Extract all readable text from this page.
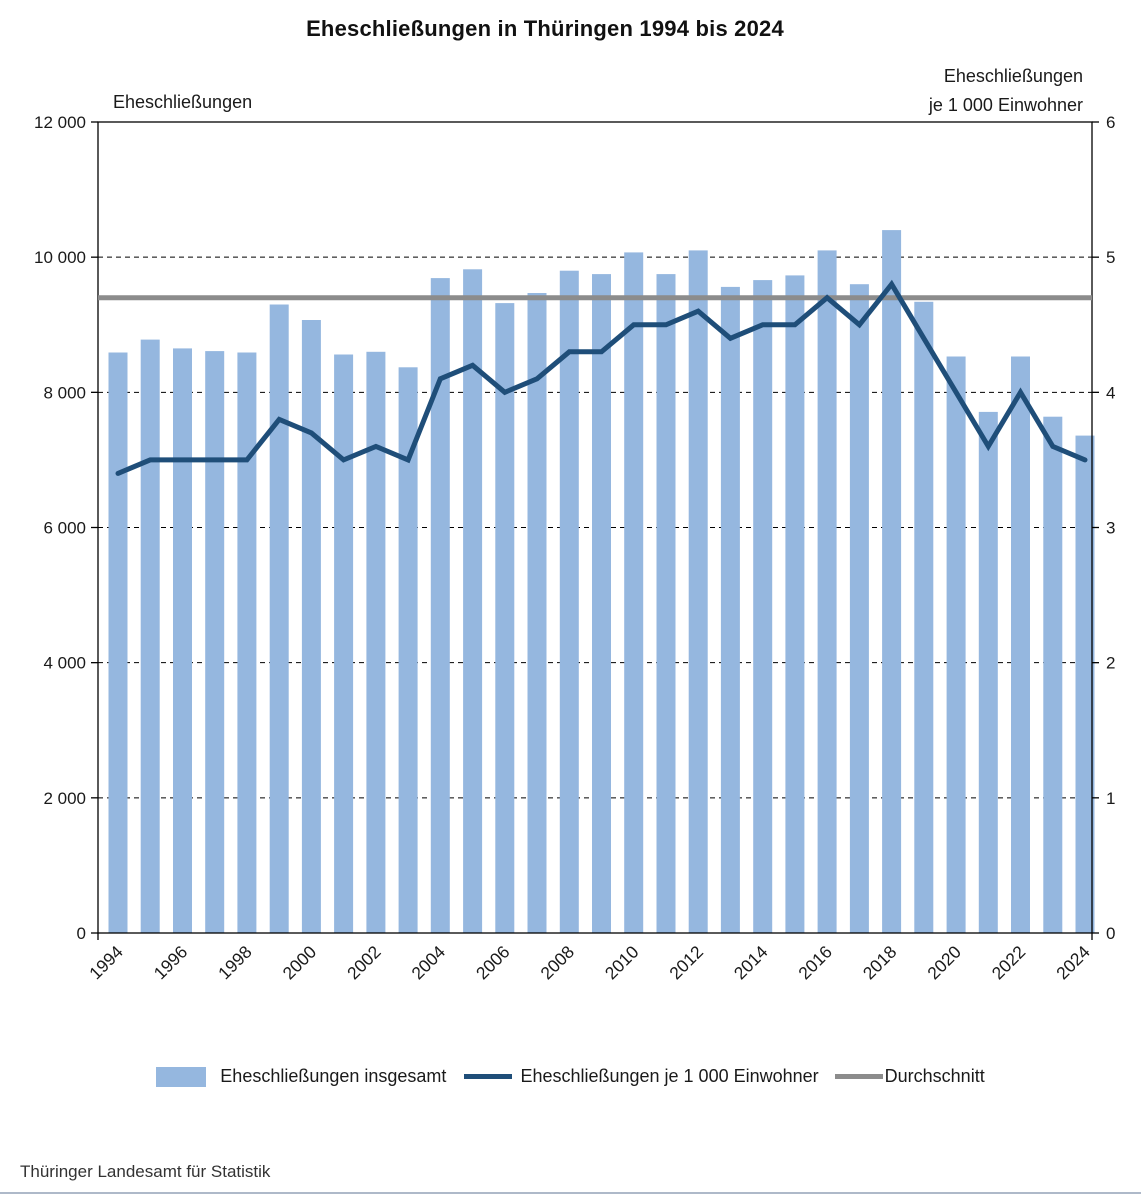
Eheschließungen in Thüringen 1994 bis 2024
Eheschließungen
Eheschließungen
je 1 000 Einwohner
0
2 000
4 000
6 000
8 000
10 000
12 000
0
1
2
3
4
5
6
1994 1996 1998 2000 2002 2004 2006 2008 2010 2012 2014 2016 2018 2020 2022 2024
Eheschließungen insgesamt	Eheschließungen je 1 000 Einwohner	Durchschnitt
Thüringer Landesamt für Statistik
